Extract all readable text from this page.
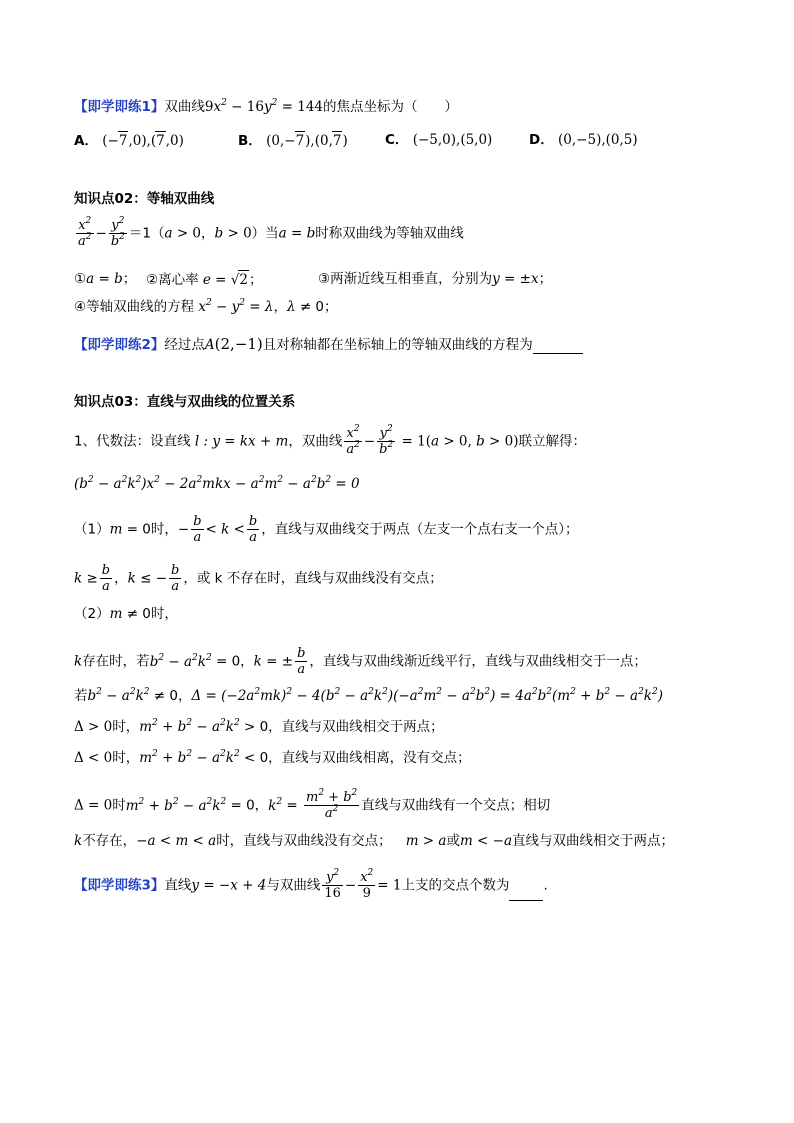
【即学即练1】双曲线$9x^2 - 16y^2 = 144$的焦点坐标为（　　）
A． (−7,0),(7,0)	B． (0,−7),(0,7)	C． (−5,0),(5,0)	D． (0,−5),(0,5)
知识点02：等轴双曲线
$\frac{x^2}{a^2} - \frac{y^2}{b^2} =1(a > 0$，b > 0）当a = b时称双曲线为等轴双曲线
①a = b； ②离心率 e = √2；	③两渐近线互相垂直，分别为y = ±x；
④等轴双曲线的方程 $x^2 - y^2 = \lambda$，λ ≠ 0；
【即学即练2】经过点A(2,−1)且对称轴都在坐标轴上的等轴双曲线的方程为
知识点03：直线与双曲线的位置关系
1、代数法：设直线 l : y = kx + m，双曲线 $\frac{x^2}{a^2} - \frac{y^2}{b^2} = 1(a > 0$, b > 0)联立解得：
$(b^2 - a^2k^2)x^2 - 2a^2mkx - a^2m^2 - a^2b^2 = 0$
（1）m = 0时，− $\frac{b}{a} < k < \frac{b}{a}$ ，直线与双曲线交于两点（左支一个点右支一个点）；
$k \ge \frac{b}{a}$ ，k ≤ − $\frac{b}{a}$ ，或 k 不存在时，直线与双曲线没有交点；
（2）m ≠ 0时，
k存在时，若$b^2 - a^2k^2 = 0$，k = ± $\frac{b}{a}$ ，直线与双曲线渐近线平行，直线与双曲线相交于一点；
若$b^2 - a^2k^2 \ne 0$，$\Delta = (-2a^2mk)^2 - 4(b^2 - a^2k^2)(-a^2m^2 - a^2b^2) = 4a^2b^2(m^2 + b^2 - a^2k^2)$
Δ > 0时，$m^2 + b^2 - a^2k^2 > 0$，直线与双曲线相交于两点；
Δ < 0时，$m^2 + b^2 - a^2k^2 < 0$，直线与双曲线相离，没有交点；
Δ = 0时$m^2 + b^2 - a^2k^2 = 0$，$k^2 = \frac{m^2 + b^2}{a^2}$ 直线与双曲线有一个交点；相切
k不存在，−a < m < a时，直线与双曲线没有交点； m > a或m < −a直线与双曲线相交于两点；
【即学即练3】直线y = −x + 4与双曲线 $\frac{y^2}{16} - \frac{x^2}{9} = 1$上支的交点个数为	.
